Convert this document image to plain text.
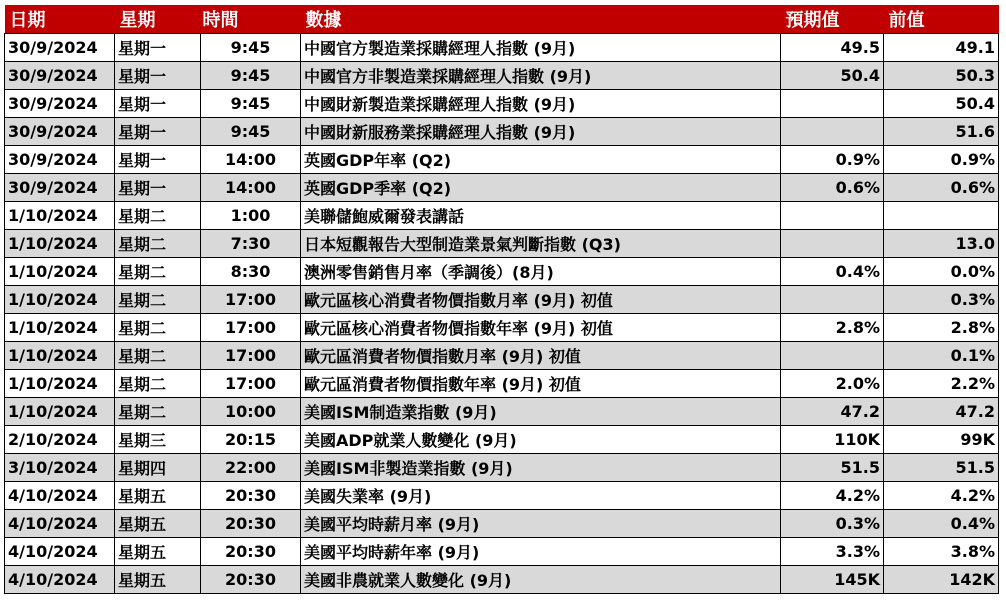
日期	星期	時間	數據	預期值	前值
30/9/2024	星期一	9:45	中國官方製造業採購經理人指數 (9月)	49.5	49.1
30/9/2024	星期一	9:45	中國官方非製造業採購經理人指數 (9月)	50.4	50.3
30/9/2024	星期一	9:45	中國財新製造業採購經理人指數 (9月)		50.4
30/9/2024	星期一	9:45	中國財新服務業採購經理人指數 (9月)		51.6
30/9/2024	星期一	14:00	英國GDP年率 (Q2)	0.9%	0.9%
30/9/2024	星期一	14:00	英國GDP季率 (Q2)	0.6%	0.6%
1/10/2024	星期二	1:00	美聯儲鮑威爾發表講話		
1/10/2024	星期二	7:30	日本短觀報告大型制造業景氣判斷指數 (Q3)		13.0
1/10/2024	星期二	8:30	澳洲零售銷售月率（季調後）(8月)	0.4%	0.0%
1/10/2024	星期二	17:00	歐元區核心消費者物價指數月率 (9月) 初值		0.3%
1/10/2024	星期二	17:00	歐元區核心消費者物價指數年率 (9月) 初值	2.8%	2.8%
1/10/2024	星期二	17:00	歐元區消費者物價指數月率 (9月) 初值		0.1%
1/10/2024	星期二	17:00	歐元區消費者物價指數年率 (9月) 初值	2.0%	2.2%
1/10/2024	星期二	10:00	美國ISM制造業指數 (9月)	47.2	47.2
2/10/2024	星期三	20:15	美國ADP就業人數變化 (9月)	110K	99K
3/10/2024	星期四	22:00	美國ISM非製造業指數 (9月)	51.5	51.5
4/10/2024	星期五	20:30	美國失業率 (9月)	4.2%	4.2%
4/10/2024	星期五	20:30	美國平均時薪月率 (9月)	0.3%	0.4%
4/10/2024	星期五	20:30	美國平均時薪年率 (9月)	3.3%	3.8%
4/10/2024	星期五	20:30	美國非農就業人數變化 (9月)	145K	142K
